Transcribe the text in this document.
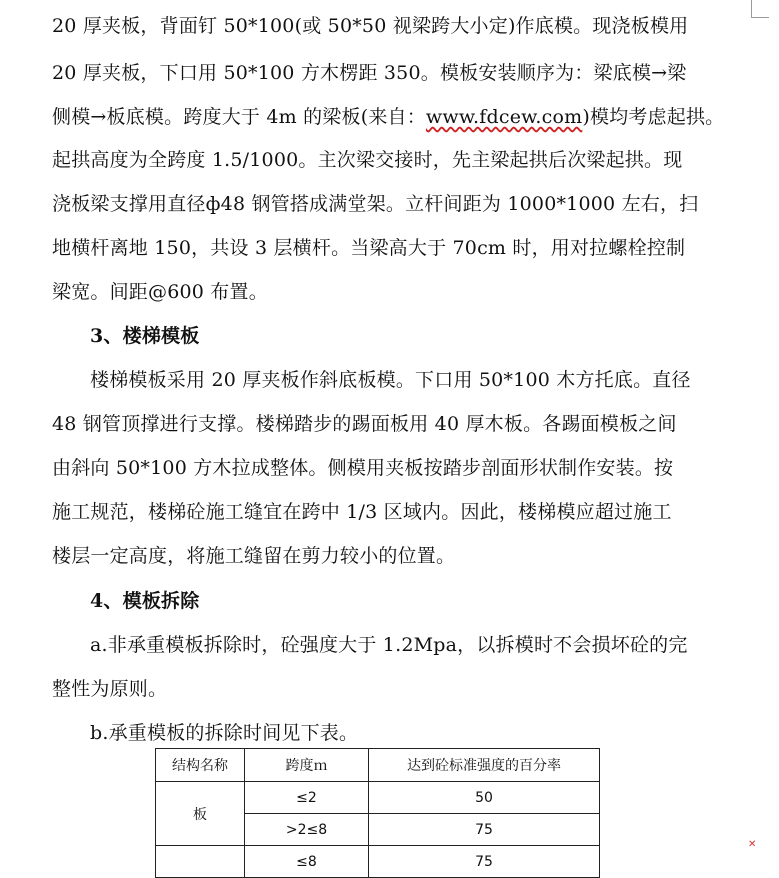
20 厚夹板，背面钉 50*100(或 50*50 视梁跨大小定)作底模。现浇板模用
20 厚夹板，下口用 50*100 方木楞距 350。模板安装顺序为：梁底模→梁
侧模→板底模。跨度大于 4m 的梁板(来自：www.fdcew.com)模均考虑起拱。
起拱高度为全跨度 1.5/1000。主次梁交接时，先主梁起拱后次梁起拱。现
浇板梁支撑用直径ф48 钢管搭成满堂架。立杆间距为 1000*1000 左右，扫
地横杆离地 150，共设 3 层横杆。当梁高大于 70cm 时，用对拉螺栓控制
梁宽。间距@600 布置。
3、楼梯模板
楼梯模板采用 20 厚夹板作斜底板模。下口用 50*100 木方托底。直径
48 钢管顶撑进行支撑。楼梯踏步的踢面板用 40 厚木板。各踢面模板之间
由斜向 50*100 方木拉成整体。侧模用夹板按踏步剖面形状制作安装。按
施工规范，楼梯砼施工缝宜在跨中 1/3 区域内。因此，楼梯模应超过施工
楼层一定高度，将施工缝留在剪力较小的位置。
4、模板拆除
a.非承重模板拆除时，砼强度大于 1.2Mpa，以拆模时不会损坏砼的完
整性为原则。
b.承重模板的拆除时间见下表。
结构名称	跨度ｍ	达到砼标准强度的百分率
板	≤2	50
	>2≤8	75
	≤8	75
✕
